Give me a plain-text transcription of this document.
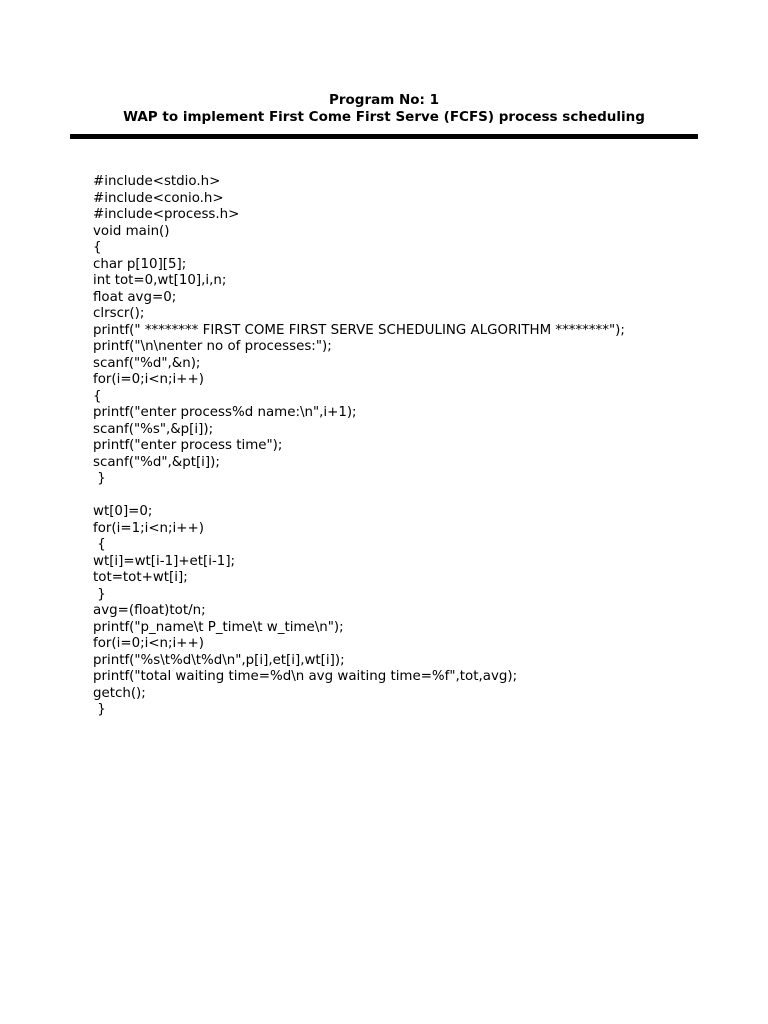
Program No: 1
WAP to implement First Come First Serve (FCFS) process scheduling
#include<stdio.h>
#include<conio.h>
#include<process.h>
void main()
{
char p[10][5];
int tot=0,wt[10],i,n;
float avg=0;
clrscr();
printf(" ******** FIRST COME FIRST SERVE SCHEDULING ALGORITHM ********");
printf("\n\nenter no of processes:");
scanf("%d",&n);
for(i=0;i<n;i++)
{
printf("enter process%d name:\n",i+1);
scanf("%s",&p[i]);
printf("enter process time");
scanf("%d",&pt[i]);
}
wt[0]=0;
for(i=1;i<n;i++)
{
wt[i]=wt[i-1]+et[i-1];
tot=tot+wt[i];
}
avg=(float)tot/n;
printf("p_name\t P_time\t w_time\n");
for(i=0;i<n;i++)
printf("%s\t%d\t%d\n",p[i],et[i],wt[i]);
printf("total waiting time=%d\n avg waiting time=%f",tot,avg);
getch();
}
